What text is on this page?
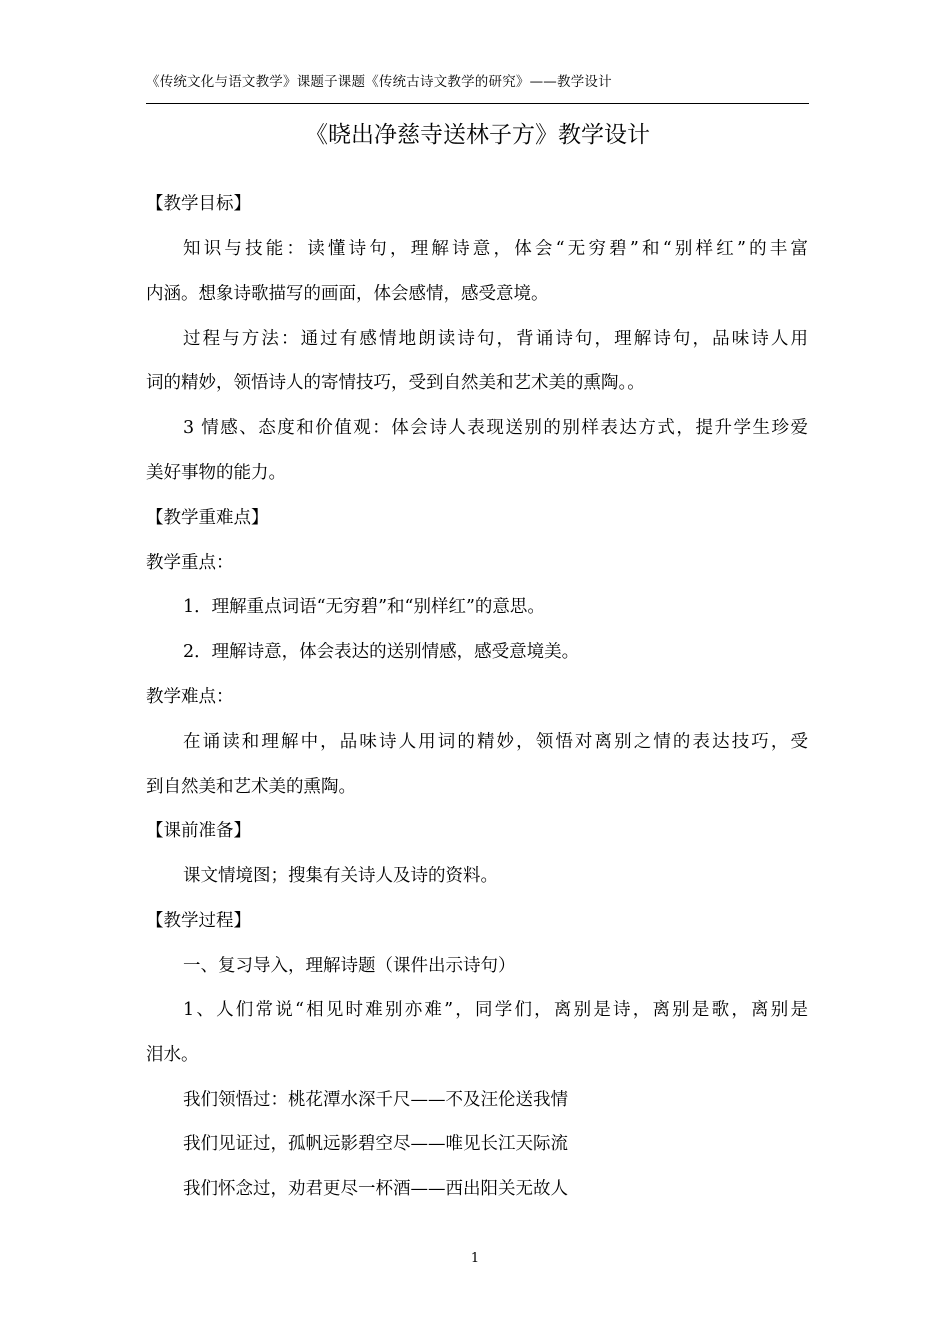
《传统文化与语文教学》课题子课题《传统古诗文教学的研究》——教学设计
《晓出净慈寺送林子方》教学设计
【教学目标】
知识与技能：读懂诗句，理解诗意，体会“无穷碧”和“别样红”的丰富
内涵。想象诗歌描写的画面，体会感情，感受意境。
过程与方法：通过有感情地朗读诗句，背诵诗句，理解诗句，品味诗人用
词的精妙，领悟诗人的寄情技巧，受到自然美和艺术美的熏陶。。
3 情感、态度和价值观：体会诗人表现送别的别样表达方式，提升学生珍爱
美好事物的能力。
【教学重难点】
教学重点：
1．理解重点词语“无穷碧”和“别样红”的意思。
2．理解诗意，体会表达的送别情感，感受意境美。
教学难点：
在诵读和理解中，品味诗人用词的精妙，领悟对离别之情的表达技巧，受
到自然美和艺术美的熏陶。
【课前准备】
课文情境图；搜集有关诗人及诗的资料。
【教学过程】
一、复习导入，理解诗题（课件出示诗句）
1、人们常说“相见时难别亦难”，同学们，离别是诗，离别是歌，离别是
泪水。
我们领悟过：桃花潭水深千尺——不及汪伦送我情
我们见证过，孤帆远影碧空尽——唯见长江天际流
我们怀念过，劝君更尽一杯酒——西出阳关无故人
1
